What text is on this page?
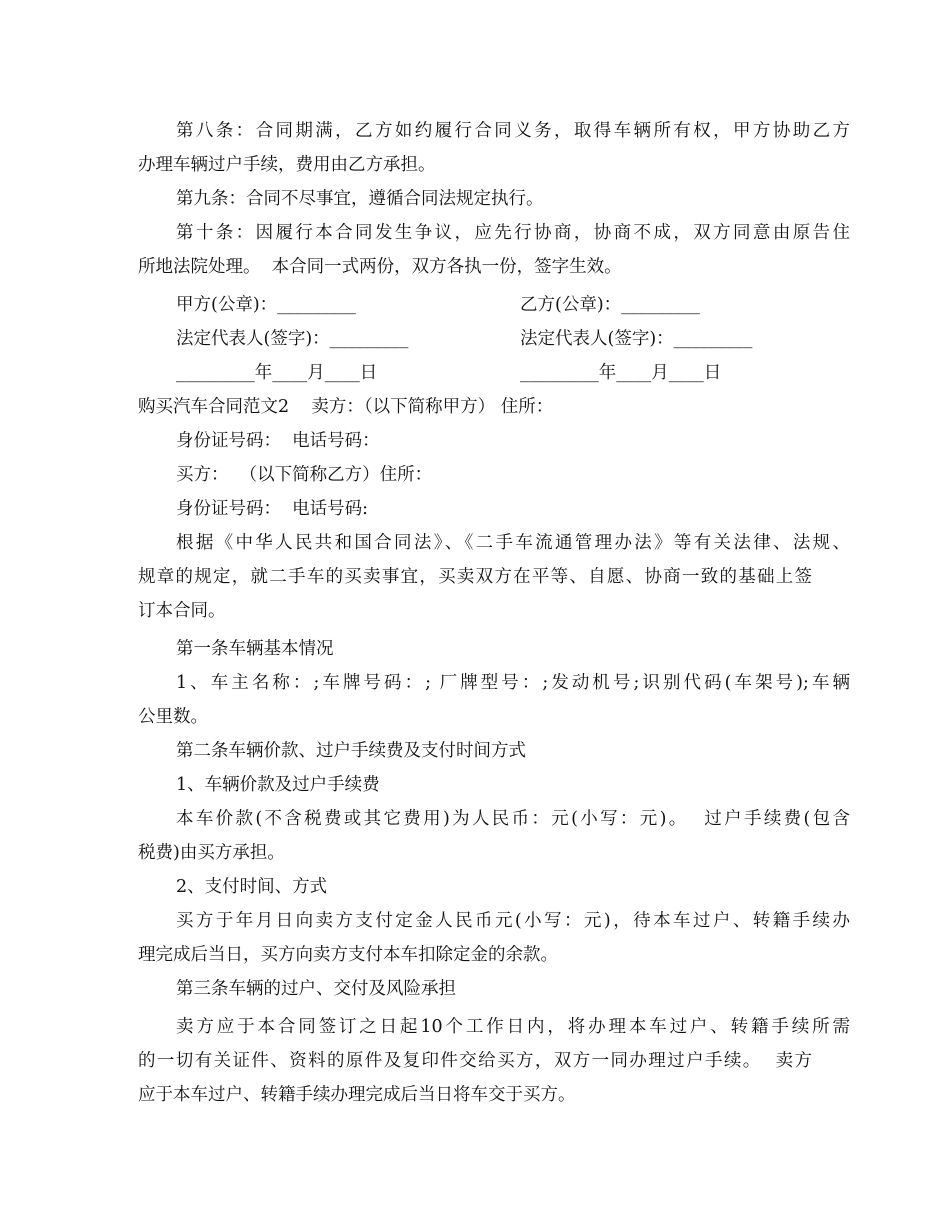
第八条：合同期满，乙方如约履行合同义务，取得车辆所有权，甲方协助乙方
办理车辆过户手续，费用由乙方承担。
第九条：合同不尽事宜，遵循合同法规定执行。
第十条：因履行本合同发生争议，应先行协商，协商不成，双方同意由原告住
所地法院处理。  本合同一式两份，双方各执一份，签字生效。
甲方(公章)：_________	乙方(公章)：_________
法定代表人(签字)：_________	法定代表人(签字)：_________
_________年____月____日	_________年____月____日
购买汽车合同范文2    卖方：（以下简称甲方） 住所：
身份证号码：  电话号码：
买方：  （以下简称乙方）住所：
身份证号码：  电话号码:
根据《中华人民共和国合同法》、《二手车流通管理办法》等有关法律、法规、
规章的规定，就二手车的买卖事宜，买卖双方在平等、自愿、协商一致的基础上签
订本合同。
第一条车辆基本情况
1、车主名称：;车牌号码：; 厂牌型号：;发动机号;识别代码(车架号);车辆
公里数。
第二条车辆价款、过户手续费及支付时间方式
1、车辆价款及过户手续费
本车价款(不含税费或其它费用)为人民币：元(小写：元)。  过户手续费(包含
税费)由买方承担。
2、支付时间、方式
买方于年月日向卖方支付定金人民币元(小写：元)，待本车过户、转籍手续办
理完成后当日，买方向卖方支付本车扣除定金的余款。
第三条车辆的过户、交付及风险承担
卖方应于本合同签订之日起10个工作日内，将办理本车过户、转籍手续所需
的一切有关证件、资料的原件及复印件交给买方，双方一同办理过户手续。  卖方
应于本车过户、转籍手续办理完成后当日将车交于买方。
